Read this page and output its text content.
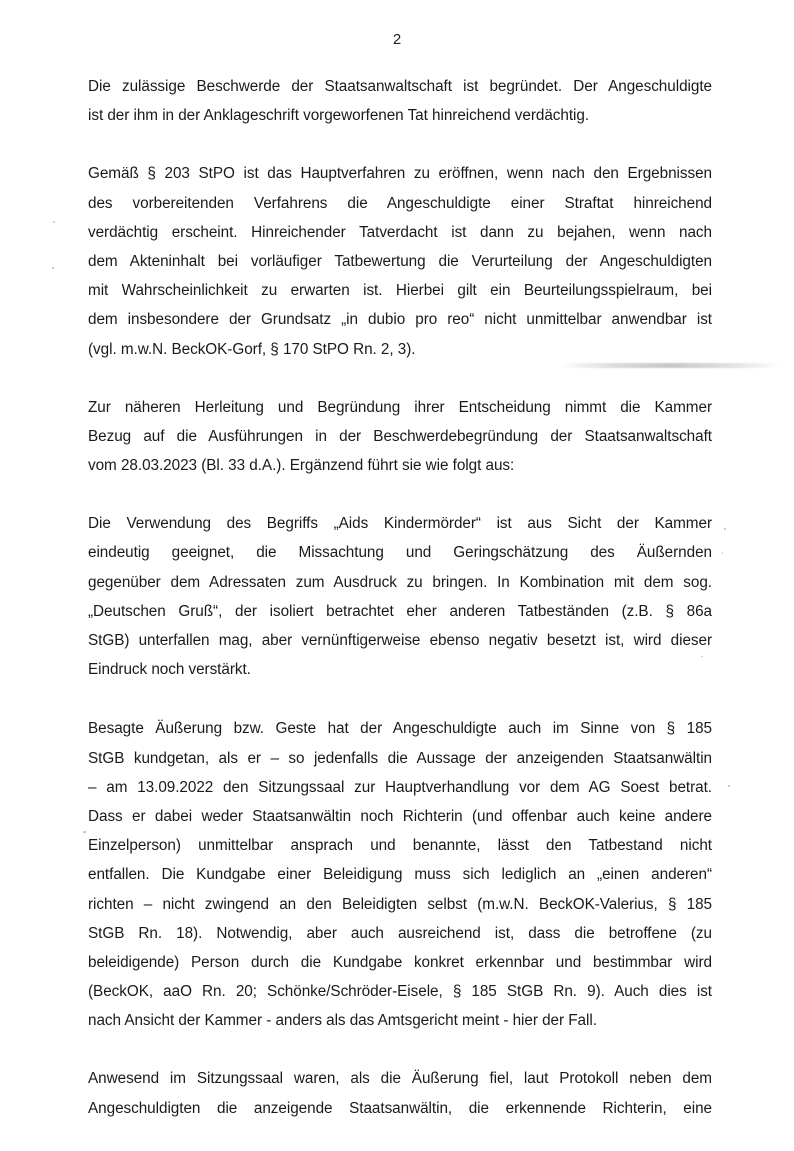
2

Die zulässige Beschwerde der Staatsanwaltschaft ist begründet. Der Angeschuldigte
ist der ihm in der Anklageschrift vorgeworfenen Tat hinreichend verdächtig.

Gemäß § 203 StPO ist das Hauptverfahren zu eröffnen, wenn nach den Ergebnissen
des vorbereitenden Verfahrens die Angeschuldigte einer Straftat hinreichend
verdächtig erscheint. Hinreichender Tatverdacht ist dann zu bejahen, wenn nach
dem Akteninhalt bei vorläufiger Tatbewertung die Verurteilung der Angeschuldigten
mit Wahrscheinlichkeit zu erwarten ist. Hierbei gilt ein Beurteilungsspielraum, bei
dem insbesondere der Grundsatz „in dubio pro reo“ nicht unmittelbar anwendbar ist
(vgl. m.w.N. BeckOK-Gorf, § 170 StPO Rn. 2, 3).

Zur näheren Herleitung und Begründung ihrer Entscheidung nimmt die Kammer
Bezug auf die Ausführungen in der Beschwerdebegründung der Staatsanwaltschaft
vom 28.03.2023 (Bl. 33 d.A.). Ergänzend führt sie wie folgt aus:

Die Verwendung des Begriffs „Aids Kindermörder“ ist aus Sicht der Kammer
eindeutig geeignet, die Missachtung und Geringschätzung des Äußernden
gegenüber dem Adressaten zum Ausdruck zu bringen. In Kombination mit dem sog.
„Deutschen Gruß“, der isoliert betrachtet eher anderen Tatbeständen (z.B. § 86a
StGB) unterfallen mag, aber vernünftigerweise ebenso negativ besetzt ist, wird dieser
Eindruck noch verstärkt.

Besagte Äußerung bzw. Geste hat der Angeschuldigte auch im Sinne von § 185
StGB kundgetan, als er – so jedenfalls die Aussage der anzeigenden Staatsanwältin
– am 13.09.2022 den Sitzungssaal zur Hauptverhandlung vor dem AG Soest betrat.
Dass er dabei weder Staatsanwältin noch Richterin (und offenbar auch keine andere
Einzelperson) unmittelbar ansprach und benannte, lässt den Tatbestand nicht
entfallen. Die Kundgabe einer Beleidigung muss sich lediglich an „einen anderen“
richten – nicht zwingend an den Beleidigten selbst (m.w.N. BeckOK-Valerius, § 185
StGB Rn. 18). Notwendig, aber auch ausreichend ist, dass die betroffene (zu
beleidigende) Person durch die Kundgabe konkret erkennbar und bestimmbar wird
(BeckOK, aaO Rn. 20; Schönke/Schröder-Eisele, § 185 StGB Rn. 9). Auch dies ist
nach Ansicht der Kammer - anders als das Amtsgericht meint - hier der Fall.

Anwesend im Sitzungssaal waren, als die Äußerung fiel, laut Protokoll neben dem
Angeschuldigten die anzeigende Staatsanwältin, die erkennende Richterin, eine
